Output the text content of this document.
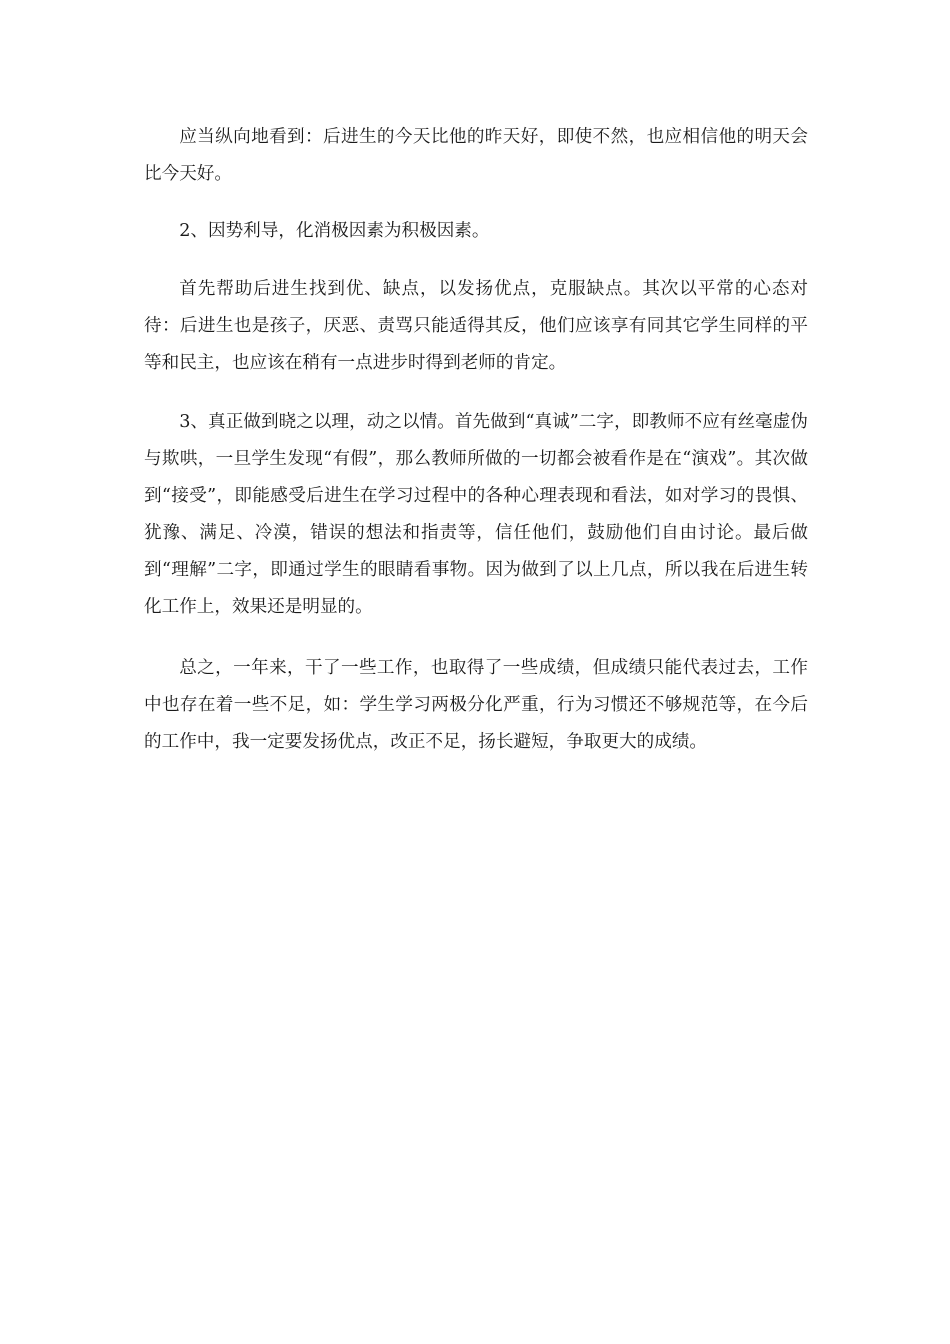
应当纵向地看到：后进生的今天比他的昨天好，即使不然，也应相信他的明天会比今天好。

2、因势利导，化消极因素为积极因素。

首先帮助后进生找到优、缺点，以发扬优点，克服缺点。其次以平常的心态对待：后进生也是孩子，厌恶、责骂只能适得其反，他们应该享有同其它学生同样的平等和民主，也应该在稍有一点进步时得到老师的肯定。

3、真正做到晓之以理，动之以情。首先做到“真诚”二字，即教师不应有丝毫虚伪与欺哄，一旦学生发现“有假”，那么教师所做的一切都会被看作是在“演戏”。其次做到“接受”，即能感受后进生在学习过程中的各种心理表现和看法，如对学习的畏惧、犹豫、满足、冷漠，错误的想法和指责等，信任他们，鼓励他们自由讨论。最后做到“理解”二字，即通过学生的眼睛看事物。因为做到了以上几点，所以我在后进生转化工作上，效果还是明显的。

总之，一年来，干了一些工作，也取得了一些成绩，但成绩只能代表过去，工作中也存在着一些不足，如：学生学习两极分化严重，行为习惯还不够规范等，在今后的工作中，我一定要发扬优点，改正不足，扬长避短，争取更大的成绩。
